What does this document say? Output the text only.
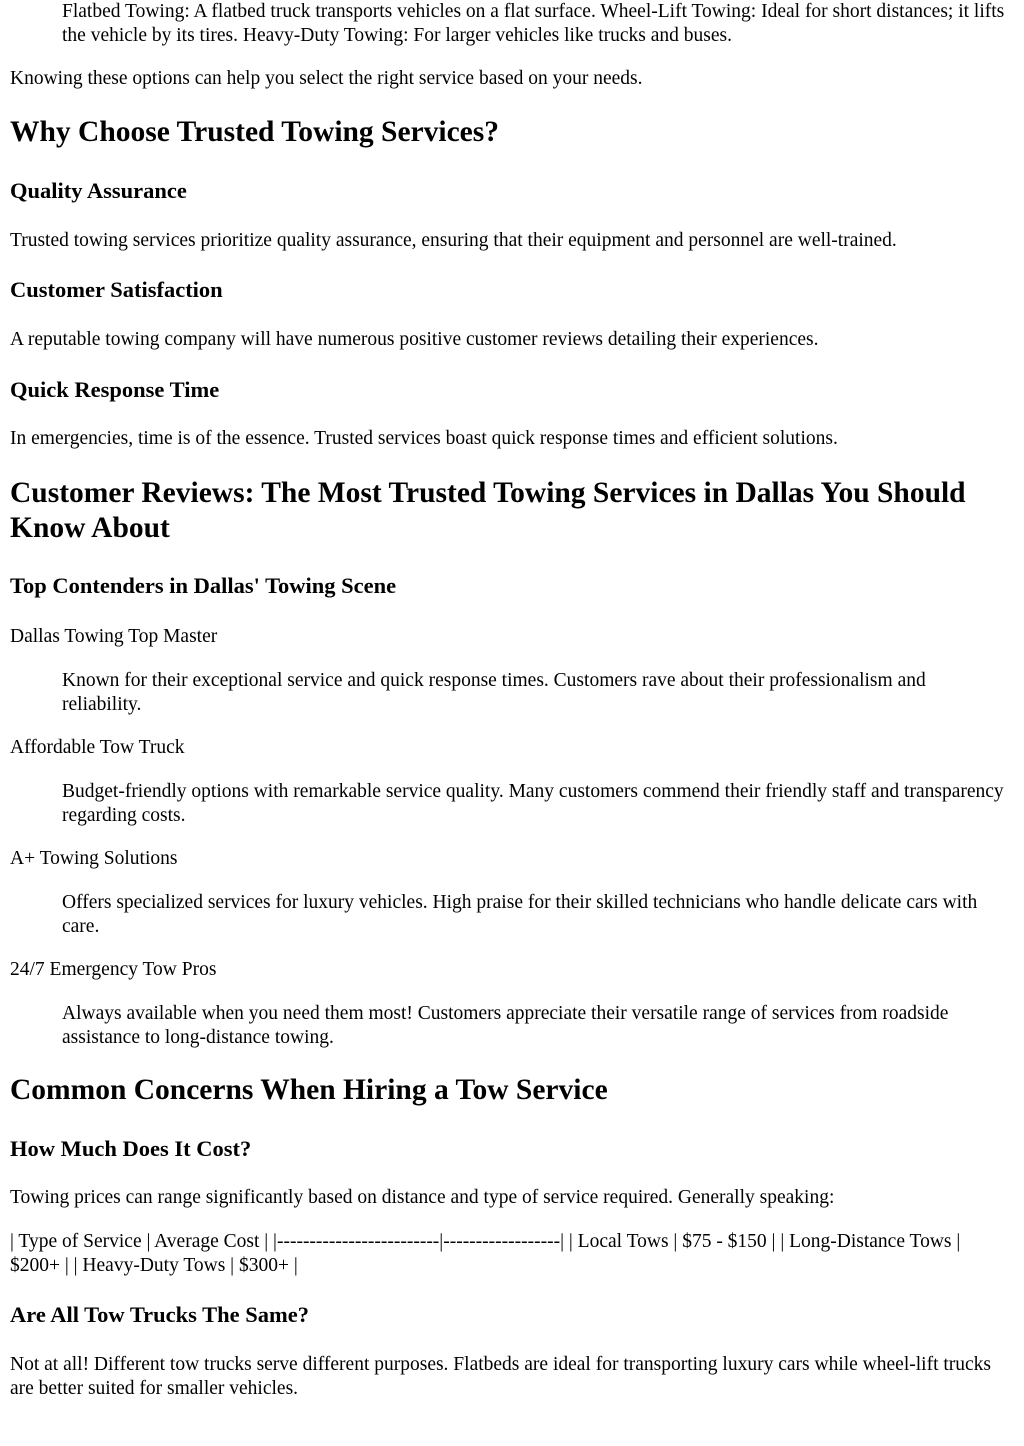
Flatbed Towing: A flatbed truck transports vehicles on a flat surface. Wheel-Lift Towing: Ideal for short distances; it lifts the vehicle by its tires. Heavy-Duty Towing: For larger vehicles like trucks and buses.

Knowing these options can help you select the right service based on your needs.

Why Choose Trusted Towing Services?
Quality Assurance

Trusted towing services prioritize quality assurance, ensuring that their equipment and personnel are well-trained.

Customer Satisfaction

A reputable towing company will have numerous positive customer reviews detailing their experiences.

Quick Response Time

In emergencies, time is of the essence. Trusted services boast quick response times and efficient solutions.

Customer Reviews: The Most Trusted Towing Services in Dallas You Should Know About
Top Contenders in Dallas' Towing Scene
Dallas Towing Top Master
Known for their exceptional service and quick response times. Customers rave about their professionalism and reliability.
Affordable Tow Truck
Budget-friendly options with remarkable service quality. Many customers commend their friendly staff and transparency regarding costs.
A+ Towing Solutions
Offers specialized services for luxury vehicles. High praise for their skilled technicians who handle delicate cars with care.
24/7 Emergency Tow Pros
Always available when you need them most! Customers appreciate their versatile range of services from roadside assistance to long-distance towing.
Common Concerns When Hiring a Tow Service
How Much Does It Cost?

Towing prices can range significantly based on distance and type of service required. Generally speaking:

| Type of Service | Average Cost | |-------------------------|------------------| | Local Tows | $75 - $150 | | Long-Distance Tows | $200+ | | Heavy-Duty Tows | $300+ |

Are All Tow Trucks The Same?

Not at all! Different tow trucks serve different purposes. Flatbeds are ideal for transporting luxury cars while wheel-lift trucks are better suited for smaller vehicles.
